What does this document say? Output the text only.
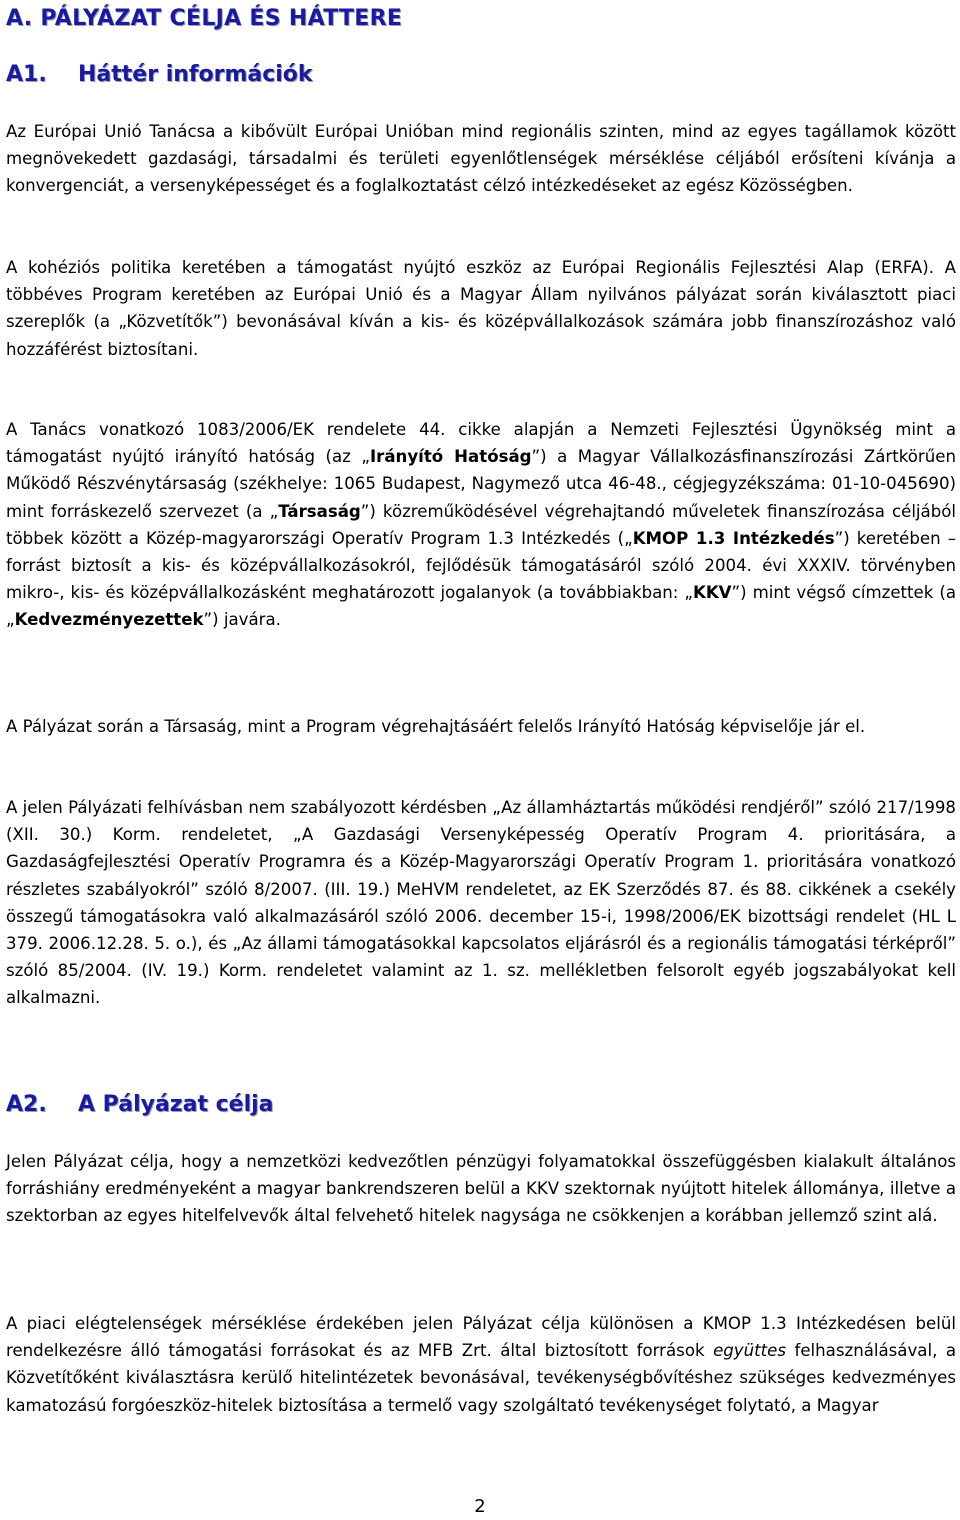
A. PÁLYÁZAT CÉLJA ÉS HÁTTERE
A1. Háttér információk
Az Európai Unió Tanácsa a kibővült Európai Unióban mind regionális szinten, mind az egyes tagállamok között megnövekedett gazdasági, társadalmi és területi egyenlőtlenségek mérséklése céljából erősíteni kívánja a konvergenciát, a versenyképességet és a foglalkoztatást célzó intézkedéseket az egész Közösségben.
A kohéziós politika keretében a támogatást nyújtó eszköz az Európai Regionális Fejlesztési Alap (ERFA). A többéves Program keretében az Európai Unió és a Magyar Állam nyilvános pályázat során kiválasztott piaci szereplők (a „Közvetítők”) bevonásával kíván a kis- és középvállalkozások számára jobb finanszírozáshoz való hozzáférést biztosítani.
A Tanács vonatkozó 1083/2006/EK rendelete 44. cikke alapján a Nemzeti Fejlesztési Ügynökség mint a támogatást nyújtó irányító hatóság (az „Irányító Hatóság”) a Magyar Vállalkozásfinanszírozási Zártkörűen Működő Részvénytársaság (székhelye: 1065 Budapest, Nagymező utca 46-48., cégjegyzékszáma: 01-10-045690) mint forráskezelő szervezet (a „Társaság”) közreműködésével végrehajtandó műveletek finanszírozása céljából többek között a Közép-magyarországi Operatív Program 1.3 Intézkedés („KMOP 1.3 Intézkedés”) keretében – forrást biztosít a kis- és középvállalkozásokról, fejlődésük támogatásáról szóló 2004. évi XXXIV. törvényben mikro-, kis- és középvállalkozásként meghatározott jogalanyok (a továbbiakban: „KKV”) mint végső címzettek (a „Kedvezményezettek”) javára.
A Pályázat során a Társaság, mint a Program végrehajtásáért felelős Irányító Hatóság képviselője jár el.
A jelen Pályázati felhívásban nem szabályozott kérdésben „Az államháztartás működési rendjéről” szóló 217/1998 (XII. 30.) Korm. rendeletet, „A Gazdasági Versenyképesség Operatív Program 4. prioritására, a Gazdaságfejlesztési Operatív Programra és a Közép-Magyarországi Operatív Program 1. prioritására vonatkozó részletes szabályokról” szóló 8/2007. (III. 19.) MeHVM rendeletet, az EK Szerződés 87. és 88. cikkének a csekély összegű támogatásokra való alkalmazásáról szóló 2006. december 15-i, 1998/2006/EK bizottsági rendelet (HL L 379. 2006.12.28. 5. o.), és „Az állami támogatásokkal kapcsolatos eljárásról és a regionális támogatási térképről” szóló 85/2004. (IV. 19.) Korm. rendeletet valamint az 1. sz. mellékletben felsorolt egyéb jogszabályokat kell alkalmazni.
A2. A Pályázat célja
Jelen Pályázat célja, hogy a nemzetközi kedvezőtlen pénzügyi folyamatokkal összefüggésben kialakult általános forráshiány eredményeként a magyar bankrendszeren belül a KKV szektornak nyújtott hitelek állománya, illetve a szektorban az egyes hitelfelvevők által felvehető hitelek nagysága ne csökkenjen a korábban jellemző szint alá.
A piaci elégtelenségek mérséklése érdekében jelen Pályázat célja különösen a KMOP 1.3 Intézkedésen belül rendelkezésre álló támogatási forrásokat és az MFB Zrt. által biztosított források együttes felhasználásával, a Közvetítőként kiválasztásra kerülő hitelintézetek bevonásával, tevékenységbővítéshez szükséges kedvezményes kamatozású forgóeszköz-hitelek biztosítása a termelő vagy szolgáltató tevékenységet folytató, a Magyar
2
